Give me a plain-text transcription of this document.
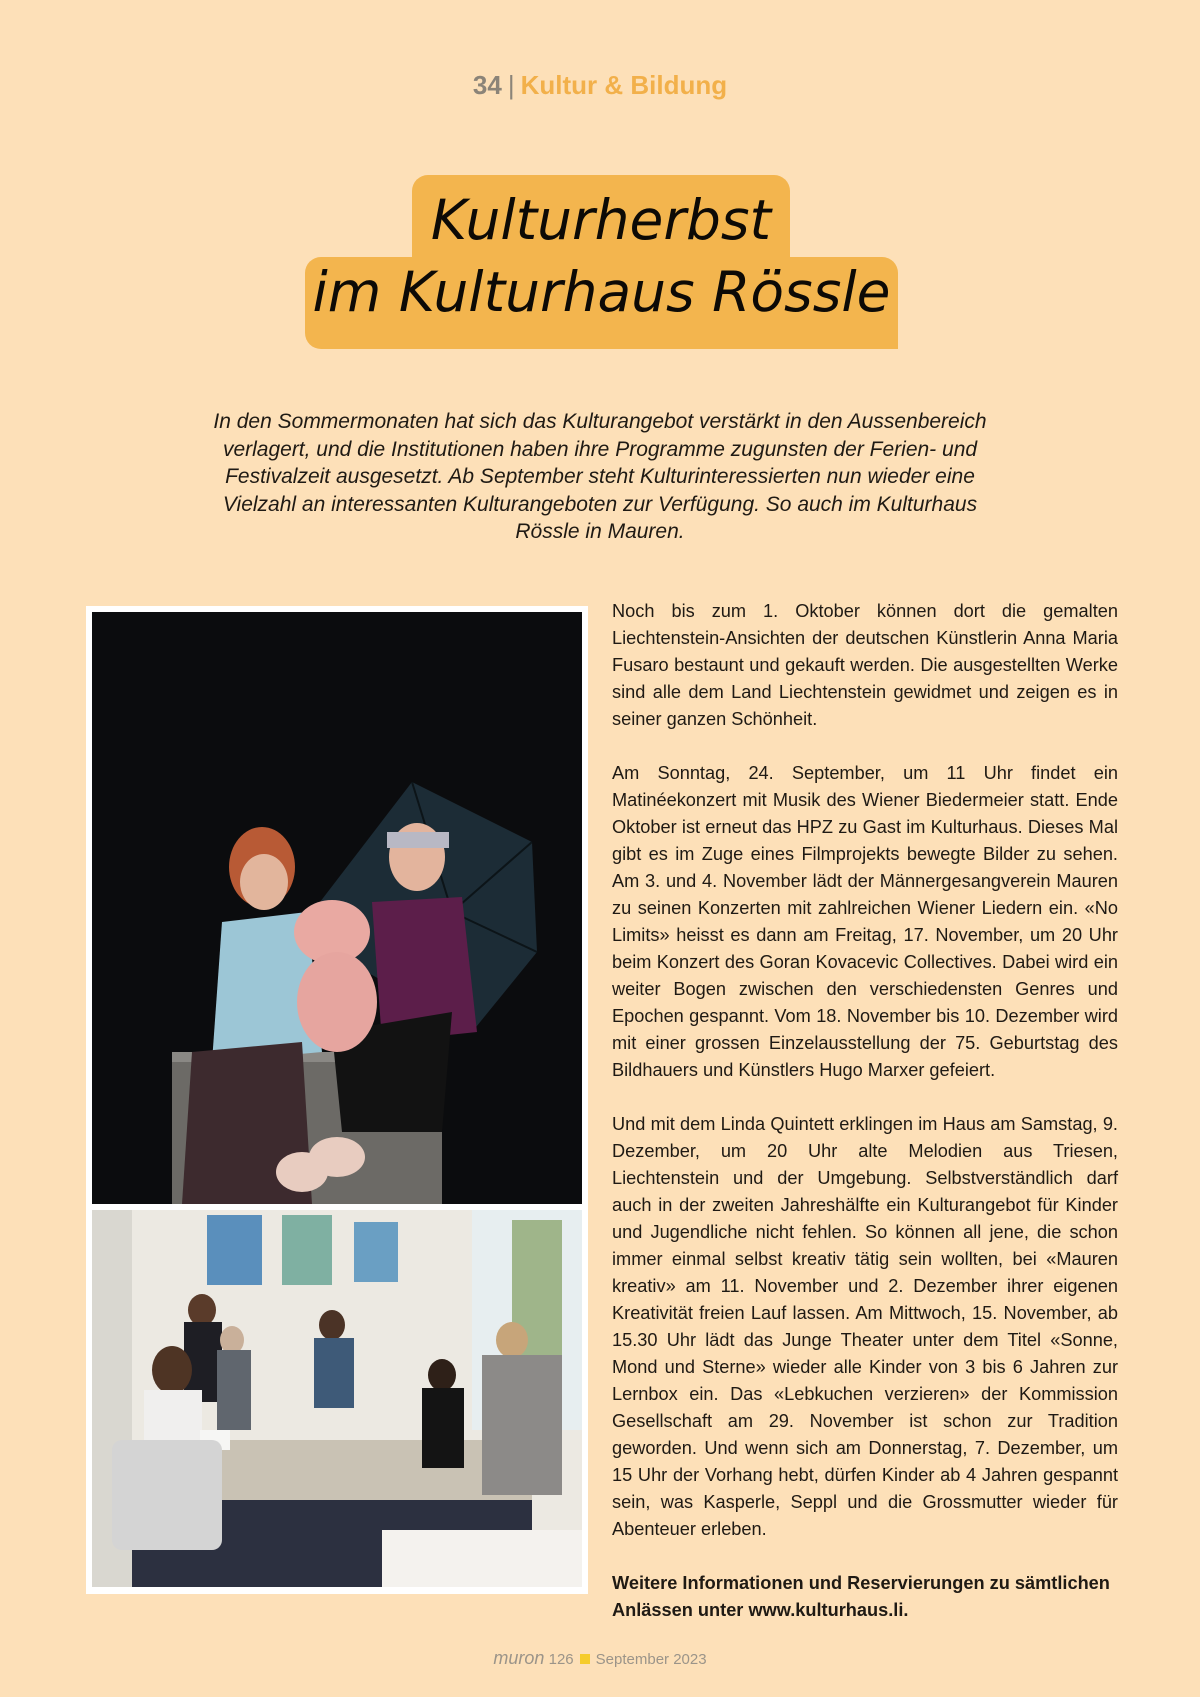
34 | Kultur & Bildung
Kulturherbst
im Kulturhaus Rössle
In den Sommermonaten hat sich das Kulturangebot verstärkt in den Aussenbereich verlagert, und die Institutionen haben ihre Programme zugunsten der Ferien- und Festivalzeit ausgesetzt. Ab September steht Kulturinteressierten nun wieder eine Vielzahl an interessanten Kulturangeboten zur Verfügung. So auch im Kulturhaus Rössle in Mauren.

Noch bis zum 1. Oktober können dort die gemalten Liechtenstein-Ansichten der deutschen Künstlerin Anna Maria Fusaro bestaunt und gekauft werden. Die ausgestellten Werke sind alle dem Land Liechtenstein gewidmet und zeigen es in seiner ganzen Schönheit.

Am Sonntag, 24. September, um 11 Uhr findet ein Matinéekonzert mit Musik des Wiener Biedermeier statt. Ende Oktober ist erneut das HPZ zu Gast im Kulturhaus. Dieses Mal gibt es im Zuge eines Filmprojekts bewegte Bilder zu sehen. Am 3. und 4. November lädt der Männergesangverein Mauren zu seinen Konzerten mit zahlreichen Wiener Liedern ein. «No Limits» heisst es dann am Freitag, 17. November, um 20 Uhr beim Konzert des Goran Kovacevic Collectives. Dabei wird ein weiter Bogen zwischen den verschiedensten Genres und Epochen gespannt. Vom 18. November bis 10. Dezember wird mit einer grossen Einzelausstellung der 75. Geburtstag des Bildhauers und Künstlers Hugo Marxer gefeiert.

Und mit dem Linda Quintett erklingen im Haus am Samstag, 9. Dezember, um 20 Uhr alte Melodien aus Triesen, Liechtenstein und der Umgebung. Selbstverständlich darf auch in der zweiten Jahreshälfte ein Kulturangebot für Kinder und Jugendliche nicht fehlen. So können all jene, die schon immer einmal selbst kreativ tätig sein wollten, bei «Mauren kreativ» am 11. November und 2. Dezember ihrer eigenen Kreativität freien Lauf lassen. Am Mittwoch, 15. November, ab 15.30 Uhr lädt das Junge Theater unter dem Titel «Sonne, Mond und Sterne» wieder alle Kinder von 3 bis 6 Jahren zur Lernbox ein. Das «Lebkuchen verzieren» der Kommission Gesellschaft am 29. November ist schon zur Tradition geworden. Und wenn sich am Donnerstag, 7. Dezember, um 15 Uhr der Vorhang hebt, dürfen Kinder ab 4 Jahren gespannt sein, was Kasperle, Seppl und die Grossmutter wieder für Abenteuer erleben.

Weitere Informationen und Reservierungen zu sämtlichen Anlässen unter www.kulturhaus.li.

muron 126 September 2023
